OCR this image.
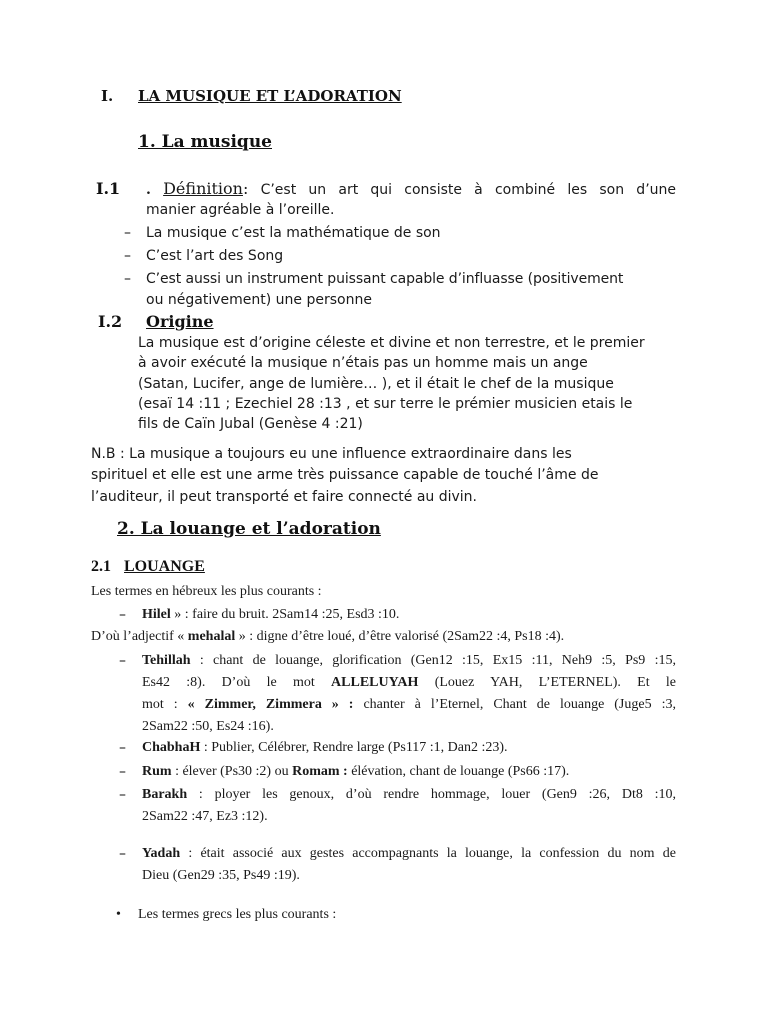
I. LA MUSIQUE ET L’ADORATION
1. La musique
I.1 . Définition: C’est un art qui consiste à combiné les son d’une
manier agréable à l’oreille.
– La musique c’est la mathématique de son
– C’est l’art des Song
– C’est aussi un instrument puissant capable d’influasse (positivement
ou négativement) une personne
I.2 Origine
La musique est d’origine céleste et divine et non terrestre, et le premier
à avoir exécuté la musique n’étais pas un homme mais un ange
(Satan, Lucifer, ange de lumière… ), et il était le chef de la musique
(esaï 14 :11 ; Ezechiel 28 :13 , et sur terre le prémier musicien etais le
fils de Caïn Jubal (Genèse 4 :21)
N.B : La musique a toujours eu une influence extraordinaire dans les
spirituel et elle est une arme très puissance capable de touché l’âme de
l’auditeur, il peut transporté et faire connecté au divin.
2. La louange et l’adoration
2.1 LOUANGE
Les termes en hébreux les plus courants :
– Hilel » : faire du bruit. 2Sam14 :25, Esd3 :10.
D’où l’adjectif « mehalal » : digne d’être loué, d’être valorisé (2Sam22 :4, Ps18 :4).
– Tehillah : chant de louange, glorification (Gen12 :15, Ex15 :11, Neh9 :5, Ps9 :15,
Es42 :8). D’où le mot ALLELUYAH (Louez YAH, L’ETERNEL). Et le
mot : « Zimmer, Zimmera » : chanter à l’Eternel, Chant de louange (Juge5 :3,
2Sam22 :50, Es24 :16).
– ChabhaH : Publier, Célébrer, Rendre large (Ps117 :1, Dan2 :23).
– Rum : élever (Ps30 :2) ou Romam : élévation, chant de louange (Ps66 :17).
– Barakh : ployer les genoux, d’où rendre hommage, louer (Gen9 :26, Dt8 :10,
2Sam22 :47, Ez3 :12).
– Yadah : était associé aux gestes accompagnants la louange, la confession du nom de
Dieu (Gen29 :35, Ps49 :19).
• Les termes grecs les plus courants :
